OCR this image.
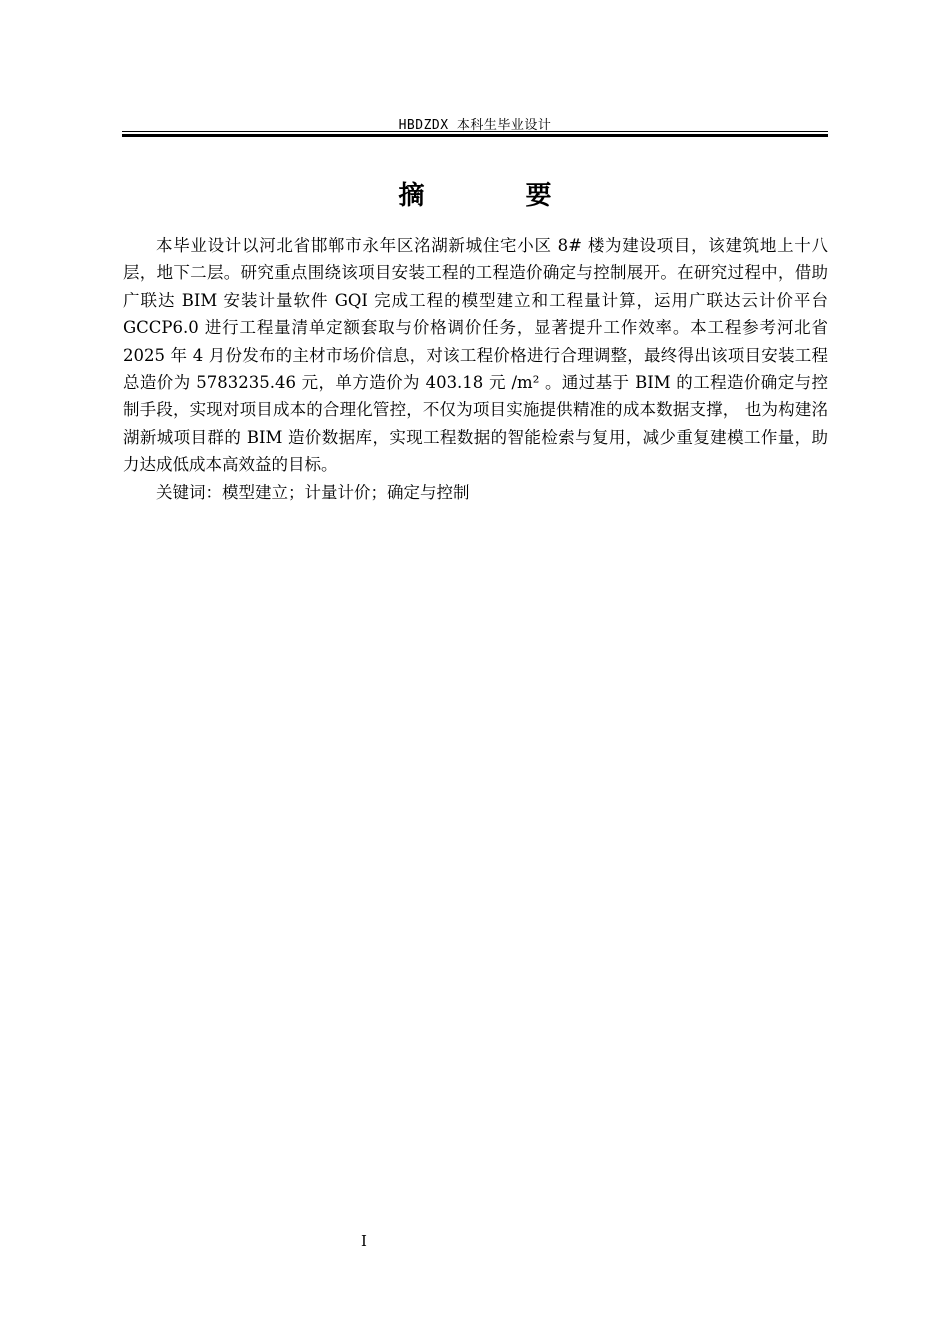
HBDZDX 本科生毕业设计
摘 要

本毕业设计以河北省邯郸市永年区洺湖新城住宅小区 8# 楼为建设项目，该建筑地上十八层，地下二层。研究重点围绕该项目安装工程的工程造价确定与控制展开。在研究过程中，借助广联达 BIM 安装计量软件 GQI 完成工程的模型建立和工程量计算，运用广联达云计价平台 GCCP6.0 进行工程量清单定额套取与价格调价任务，显著提升工作效率。本工程参考河北省 2025 年 4 月份发布的主材市场价信息，对该工程价格进行合理调整，最终得出该项目安装工程总造价为 5783235.46 元，单方造价为 403.18 元 /m² 。通过基于 BIM 的工程造价确定与控制手段，实现对项目成本的合理化管控，不仅为项目实施提供精准的成本数据支撑， 也为构建洺湖新城项目群的 BIM 造价数据库，实现工程数据的智能检索与复用，减少重复建模工作量，助力达成低成本高效益的目标。

关键词：模型建立；计量计价；确定与控制

I
